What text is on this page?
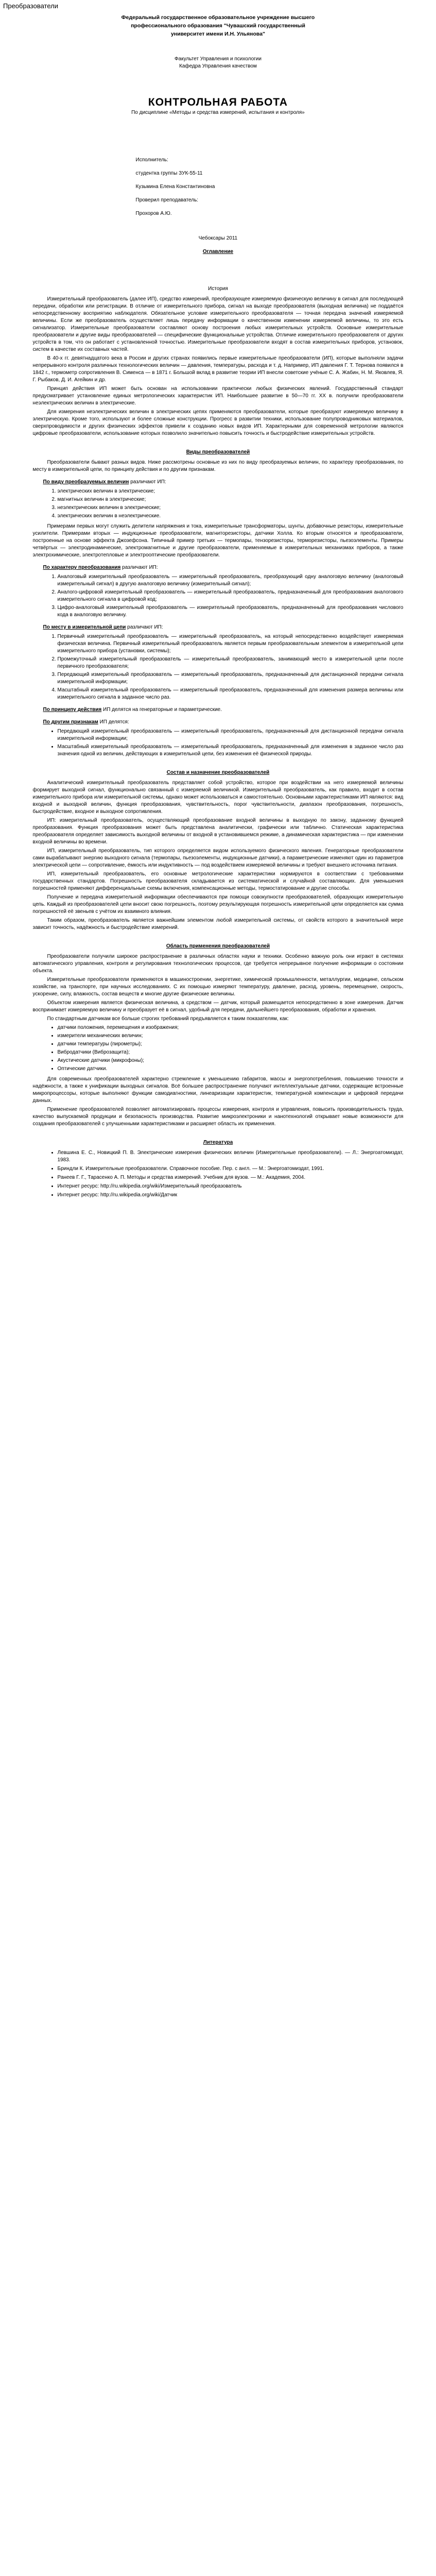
Преобразователи
Федеральный государственное образовательное учреждение высшего
профессионального образования "Чувашский государственный
университет имени И.Н. Ульянова"
Факультет Управления и психологии
Кафедра Управления качеством
КОНТРОЛЬНАЯ РАБОТА
По дисциплине «Методы и средства измерений, испытания и контроля»
Исполнитель:
студентка группы ЗУК-55-11
Кузьмина Елена Константиновна
Проверил преподаватель:
Прохоров А.Ю.
Чебоксары 2011
Оглавление
История

Измерительный преобразователь (далее ИП), средство измерений, преобразующее измеряемую физическую величину в сигнал для последующей передачи, обработки или регистрации. В отличие от измерительного прибора, сигнал на выходе преобразователя (выходная величина) не поддаётся непосредственному восприятию наблюдателя. Обязательное условие измерительного преобразователя — точная передача значений измеряемой величины. Если же преобразователь осуществляет лишь передачу информации о качественном изменении измеряемой величины, то это есть сигнализатор. Измерительные преобразователи составляют основу построения любых измерительных устройств. Основные измерительные преобразователи и другие виды преобразователей — специфические функциональные устройства. Отличие измерительного преобразователя от других устройств в том, что он работает с установленной точностью. Измерительные преобразователи входят в состав измерительных приборов, установок, систем в качестве их составных частей.

В 40-х гг. девятнадцатого века в России и других странах появились первые измерительные преобразователи (ИП), которые выполняли задачи непрерывного контроля различных технологических величин — давления, температуры, расхода и т. д. Например, ИП давления Г. Т. Тернова появился в 1842 г., термометр сопротивления В. Сименса — в 1871 г. Большой вклад в развитие теории ИП внесли советские учёные С. А. Жабин, Н. М. Яковлев, Я. Г. Рыбаков, Д. И. Агейкин и др.

Принцип действия ИП может быть основан на использовании практически любых физических явлений. Государственный стандарт предусматривает установление единых метрологических характеристик ИП. Наибольшее развитие в 50—70 гг. XX в. получили преобразователи неэлектрических величин в электрические.

Для измерения неэлектрических величин в электрических цепях применяются преобразователи, которые преобразуют измеряемую величину в электрическую. Кроме того, используют и более сложные конструкции. Прогресс в развитии техники, использование полупроводниковых материалов, сверхпроводимости и других физических эффектов привели к созданию новых видов ИП. Характерными для современной метрологии являются цифровые преобразователи, использование которых позволило значительно повысить точность и быстродействие измерительных устройств.

Виды преобразователей

Преобразователи бывают разных видов. Ниже рассмотрены основные из них по виду преобразуемых величин, по характеру преобразования, по месту в измерительной цепи, по принципу действия и по другим признакам.

По виду преобразуемых величин различают ИП:
1. электрических величин в электрические;
2. магнитных величин в электрические;
3. неэлектрических величин в электрические;
4. электрических величин в неэлектрические.

Примерами первых могут служить делители напряжения и тока, измерительные трансформаторы, шунты, добавочные резисторы, измерительные усилители. Примерами вторых — индукционные преобразователи, магниторезисторы, датчики Холла. Ко вторым относятся и преобразователи, построенные на основе эффекта Джозефсона. Типичный пример третьих — термопары, тензорезисторы, терморезисторы, пьезоэлементы. Примеры четвёртых — электродинамические, электромагнитные и другие преобразователи, применяемые в измерительных механизмах приборов, а также электрохимические, электротепловые и электрооптические преобразователи.

По характеру преобразования различают ИП:
1. Аналоговый измерительный преобразователь — измерительный преобразователь, преобразующий одну аналоговую величину (аналоговый измерительный сигнал) в другую аналоговую величину (измерительный сигнал);
2. Аналого-цифровой измерительный преобразователь — измерительный преобразователь, предназначенный для преобразования аналогового измерительного сигнала в цифровой код;
3. Цифро-аналоговый измерительный преобразователь — измерительный преобразователь, предназначенный для преобразования числового кода в аналоговую величину.
По месту в измерительной цепи различают ИП:
1. Первичный измерительный преобразователь — измерительный преобразователь, на который непосредственно воздействует измеряемая физическая величина. Первичный измерительный преобразователь является первым преобразовательным элементом в измерительной цепи измерительного прибора (установки, системы);
2. Промежуточный измерительный преобразователь — измерительный преобразователь, занимающий место в измерительной цепи после первичного преобразователя;
3. Передающий измерительный преобразователь — измерительный преобразователь, предназначенный для дистанционной передачи сигнала измерительной информации;
4. Масштабный измерительный преобразователь — измерительный преобразователь, предназначенный для изменения размера величины или измерительного сигнала в заданное число раз.
По принципу действия ИП делятся на генераторные и параметрические.
По другим признакам ИП делятся:
• Передающий измерительный преобразователь — измерительный преобразователь, предназначенный для дистанционной передачи сигнала измерительной информации;
• Масштабный измерительный преобразователь — измерительный преобразователь, предназначенный для изменения в заданное число раз значения одной из величин, действующих в измерительной цепи, без изменения её физической природы.
Состав и назначение преобразователей

Аналитический измерительный преобразователь представляет собой устройство, которое при воздействии на него измеряемой величины формирует выходной сигнал, функционально связанный с измеряемой величиной. Измерительный преобразователь, как правило, входит в состав измерительного прибора или измерительной системы, однако может использоваться и самостоятельно. Основными характеристиками ИП являются: вид входной и выходной величин, функция преобразования, чувствительность, порог чувствительности, диапазон преобразования, погрешность, быстродействие, входное и выходное сопротивления.

ИП: измерительный преобразователь, осуществляющий преобразование входной величины в выходную по закону, заданному функцией преобразования. Функция преобразования может быть представлена аналитически, графически или таблично. Статическая характеристика преобразователя определяет зависимость выходной величины от входной в установившемся режиме, а динамическая характеристика — при изменении входной величины во времени.

ИП, измерительный преобразователь, тип которого определяется видом используемого физического явления. Генераторные преобразователи сами вырабатывают энергию выходного сигнала (термопары, пьезоэлементы, индукционные датчики), а параметрические изменяют один из параметров электрической цепи — сопротивление, ёмкость или индуктивность — под воздействием измеряемой величины и требуют внешнего источника питания.

ИП, измерительный преобразователь, его основные метрологические характеристики нормируются в соответствии с требованиями государственных стандартов. Погрешность преобразователя складывается из систематической и случайной составляющих. Для уменьшения погрешностей применяют дифференциальные схемы включения, компенсационные методы, термостатирование и другие способы.

Получение и передача измерительной информации обеспечиваются при помощи совокупности преобразователей, образующих измерительную цепь. Каждый из преобразователей цепи вносит свою погрешность, поэтому результирующая погрешность измерительной цепи определяется как сумма погрешностей её звеньев с учётом их взаимного влияния.

Таким образом, преобразователь является важнейшим элементом любой измерительной системы, от свойств которого в значительной мере зависит точность, надёжность и быстродействие измерений.

Область применения преобразователей

Преобразователи получили широкое распространение в различных областях науки и техники. Особенно важную роль они играют в системах автоматического управления, контроля и регулирования технологических процессов, где требуется непрерывное получение информации о состоянии объекта.

Измерительные преобразователи применяются в машиностроении, энергетике, химической промышленности, металлургии, медицине, сельском хозяйстве, на транспорте, при научных исследованиях. С их помощью измеряют температуру, давление, расход, уровень, перемещение, скорость, ускорение, силу, влажность, состав веществ и многие другие физические величины.

Объектом измерения является физическая величина, а средством — датчик, который размещается непосредственно в зоне измерения. Датчик воспринимает измеряемую величину и преобразует её в сигнал, удобный для передачи, дальнейшего преобразования, обработки и хранения.

По стандартным датчикам все больше строгих требований предъявляется к таким показателям, как:

• датчики положения, перемещения и изображения;
• измерители механических величин;
• датчики температуры (пирометры);
• Вибродатчики (Виброзащита);
• Акустические датчики (микрофоны);
• Оптические датчики.

Для современных преобразователей характерно стремление к уменьшению габаритов, массы и энергопотребления, повышению точности и надёжности, а также к унификации выходных сигналов. Всё большее распространение получают интеллектуальные датчики, содержащие встроенные микропроцессоры, которые выполняют функции самодиагностики, линеаризации характеристик, температурной компенсации и цифровой передачи данных.

Применение преобразователей позволяет автоматизировать процессы измерения, контроля и управления, повысить производительность труда, качество выпускаемой продукции и безопасность производства. Развитие микроэлектроники и нанотехнологий открывает новые возможности для создания преобразователей с улучшенными характеристиками и расширяет область их применения.

Литература
• Левшина Е. С., Новицкий П. В. Электрические измерения физических величин (Измерительные преобразователи). — Л.: Энергоатомиздат, 1983.
• Бриндли К. Измерительные преобразователи. Справочное пособие. Пер. с англ. — М.: Энергоатомиздат, 1991.
• Ранеев Г. Г., Тарасенко А. П. Методы и средства измерений. Учебник для вузов. — М.: Академия, 2004.
• Интернет ресурс: http://ru.wikipedia.org/wiki/Измерительный преобразователь
• Интернет ресурс: http://ru.wikipedia.org/wiki/Датчик
